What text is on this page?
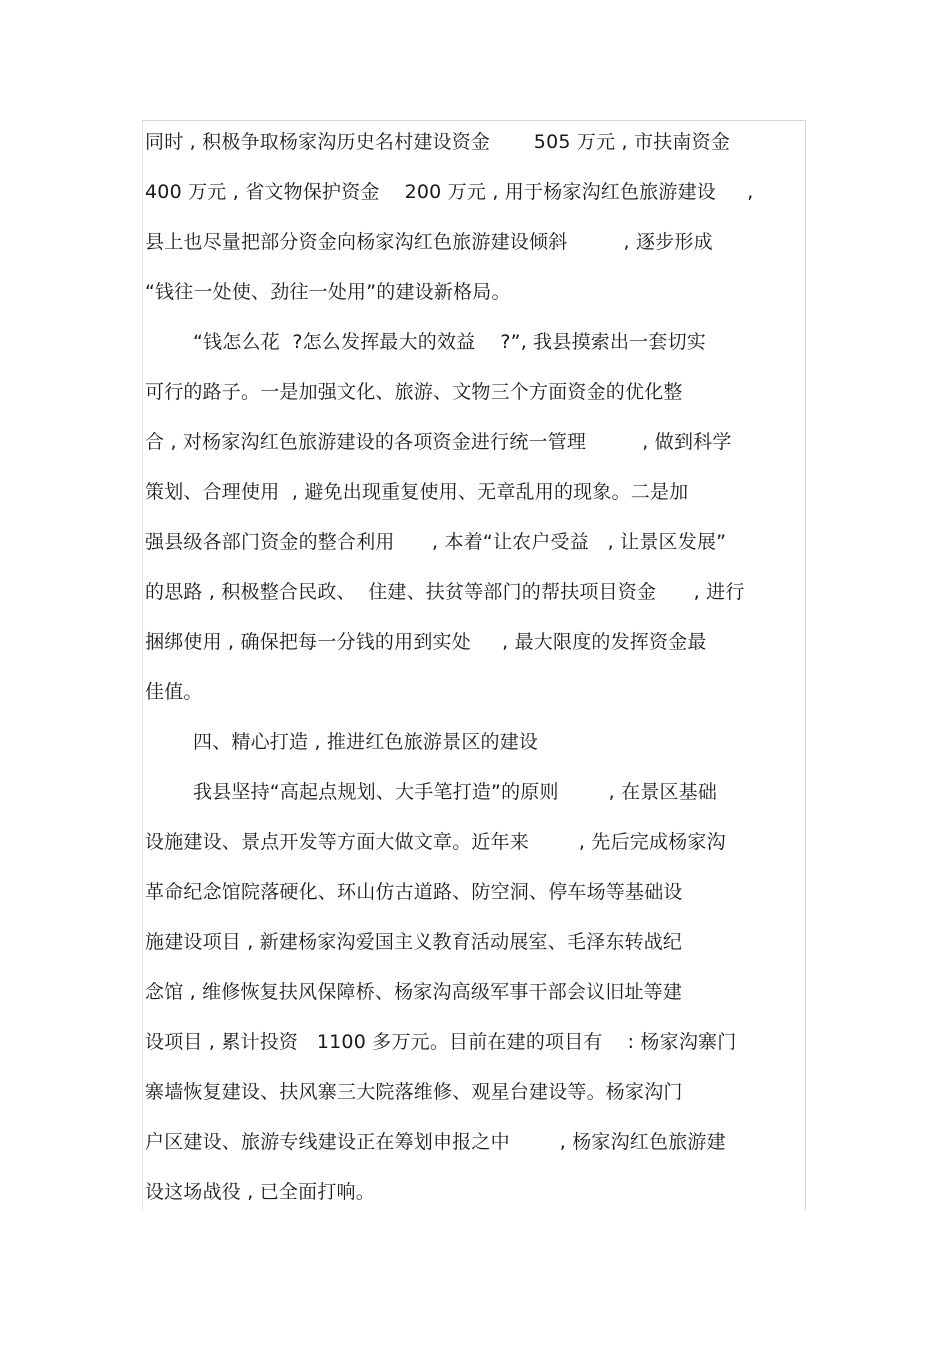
同时 , 积极争取杨家沟历史名村建设资金       505 万元 , 市扶南资金
400 万元 , 省文物保护资金    200 万元 , 用于杨家沟红色旅游建设     ,
县上也尽量把部分资金向杨家沟红色旅游建设倾斜         , 逐步形成
“钱往一处使、劲往一处用”的建设新格局。
“钱怎么花  ?怎么发挥最大的效益    ?”, 我县摸索出一套切实
可行的路子。一是加强文化、旅游、文物三个方面资金的优化整
合 , 对杨家沟红色旅游建设的各项资金进行统一管理         , 做到科学
策划、合理使用  , 避免出现重复使用、无章乱用的现象。二是加
强县级各部门资金的整合利用      , 本着“让农户受益   , 让景区发展”
的思路 , 积极整合民政、  住建、扶贫等部门的帮扶项目资金      , 进行
捆绑使用 , 确保把每一分钱的用到实处     , 最大限度的发挥资金最
佳值。
四、精心打造 , 推进红色旅游景区的建设
我县坚持“高起点规划、大手笔打造”的原则        , 在景区基础
设施建设、景点开发等方面大做文章。近年来        , 先后完成杨家沟
革命纪念馆院落硬化、环山仿古道路、防空洞、停车场等基础设
施建设项目 , 新建杨家沟爱国主义教育活动展室、毛泽东转战纪
念馆 , 维修恢复扶风保障桥、杨家沟高级军事干部会议旧址等建
设项目 , 累计投资   1100 多万元。目前在建的项目有    : 杨家沟寨门
寨墙恢复建设、扶风寨三大院落维修、观星台建设等。杨家沟门
户区建设、旅游专线建设正在筹划申报之中        , 杨家沟红色旅游建
设这场战役 , 已全面打响。
